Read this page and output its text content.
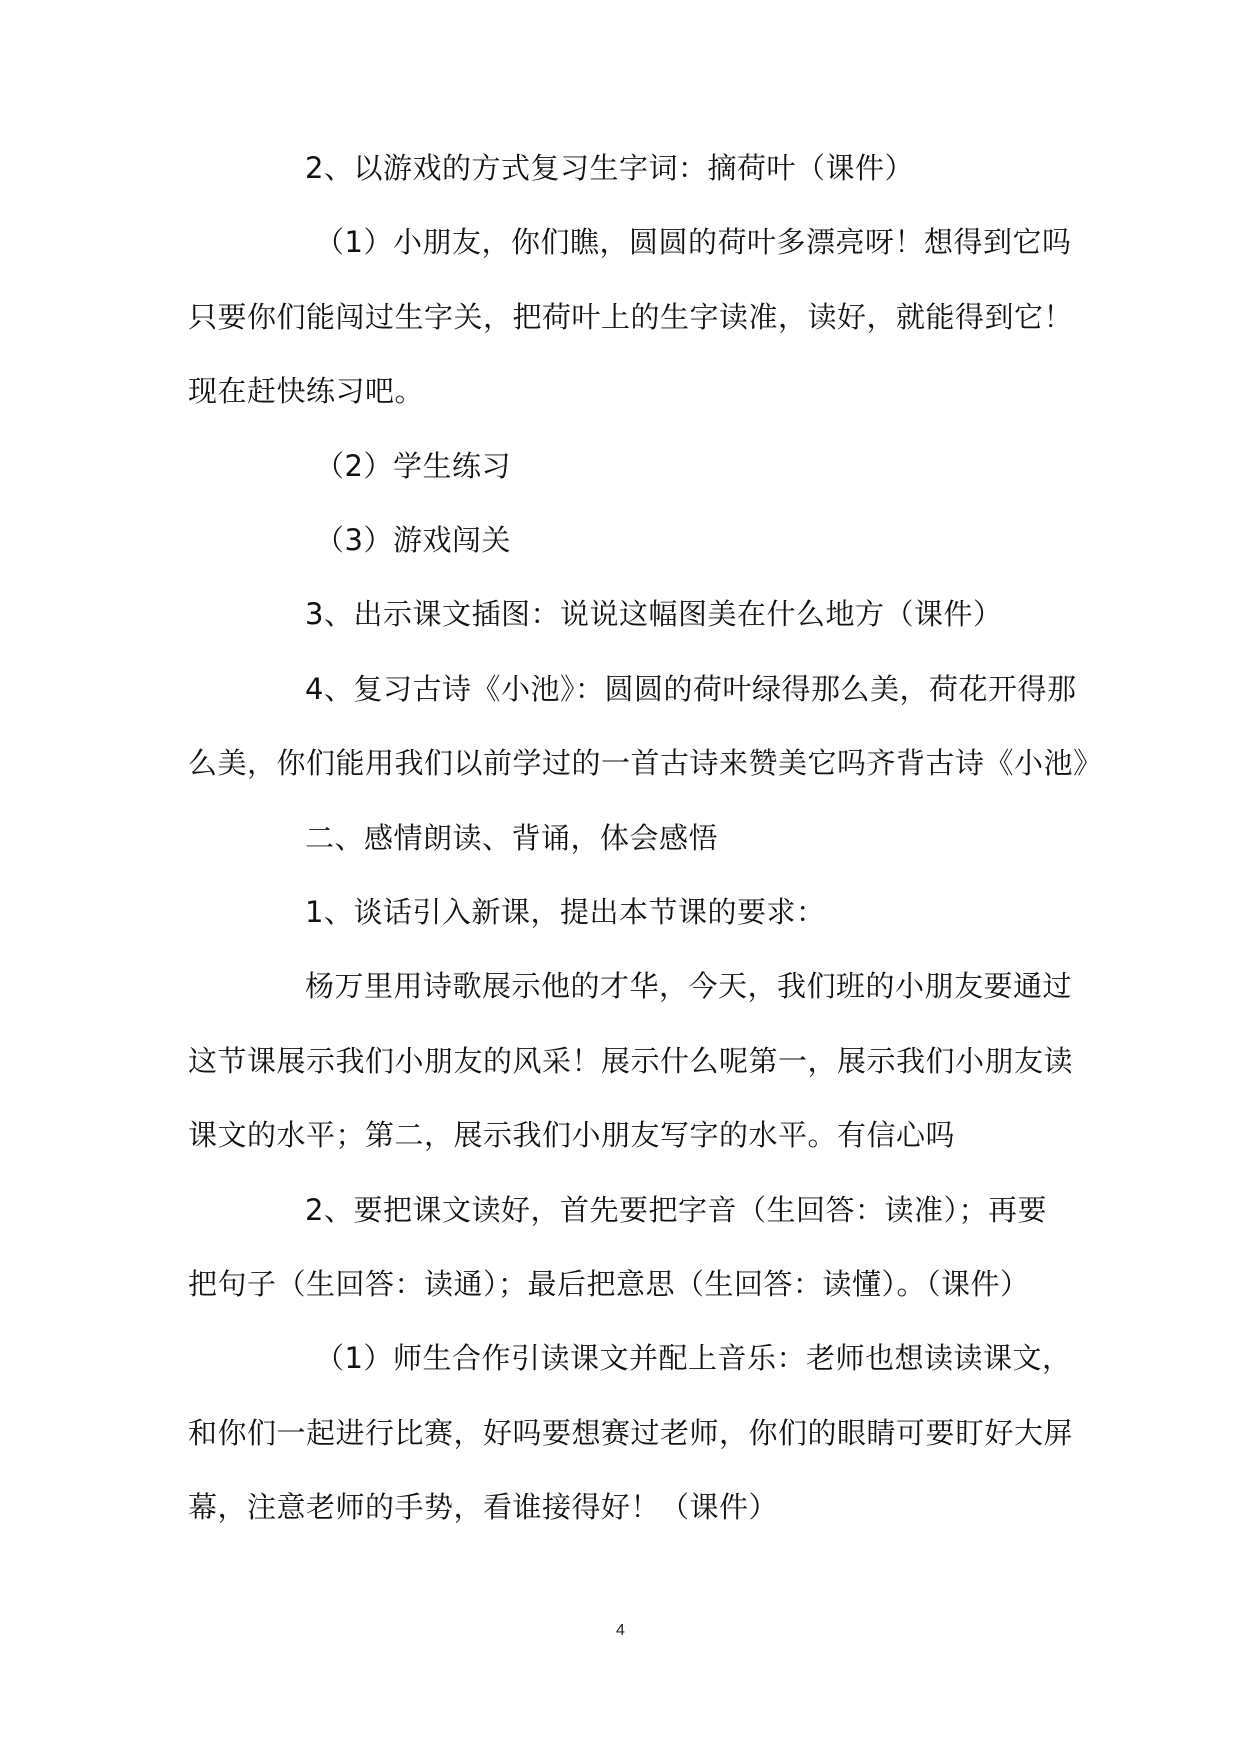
2、以游戏的方式复习生字词：摘荷叶（课件）
（1）小朋友，你们瞧，圆圆的荷叶多漂亮呀！想得到它吗
只要你们能闯过生字关，把荷叶上的生字读准，读好，就能得到它！
现在赶快练习吧。
（2）学生练习
（3）游戏闯关
3、出示课文插图：说说这幅图美在什么地方（课件）
4、复习古诗《小池》：圆圆的荷叶绿得那么美，荷花开得那
么美，你们能用我们以前学过的一首古诗来赞美它吗齐背古诗《小池》
二、感情朗读、背诵，体会感悟
1、谈话引入新课，提出本节课的要求：
杨万里用诗歌展示他的才华，今天，我们班的小朋友要通过
这节课展示我们小朋友的风采！展示什么呢第一，展示我们小朋友读
课文的水平；第二，展示我们小朋友写字的水平。有信心吗
2、要把课文读好，首先要把字音（生回答：读准）；再要
把句子（生回答：读通）；最后把意思（生回答：读懂）。（课件）
（1）师生合作引读课文并配上音乐：老师也想读读课文，
和你们一起进行比赛，好吗要想赛过老师，你们的眼睛可要盯好大屏
幕，注意老师的手势，看谁接得好！（课件）
4
